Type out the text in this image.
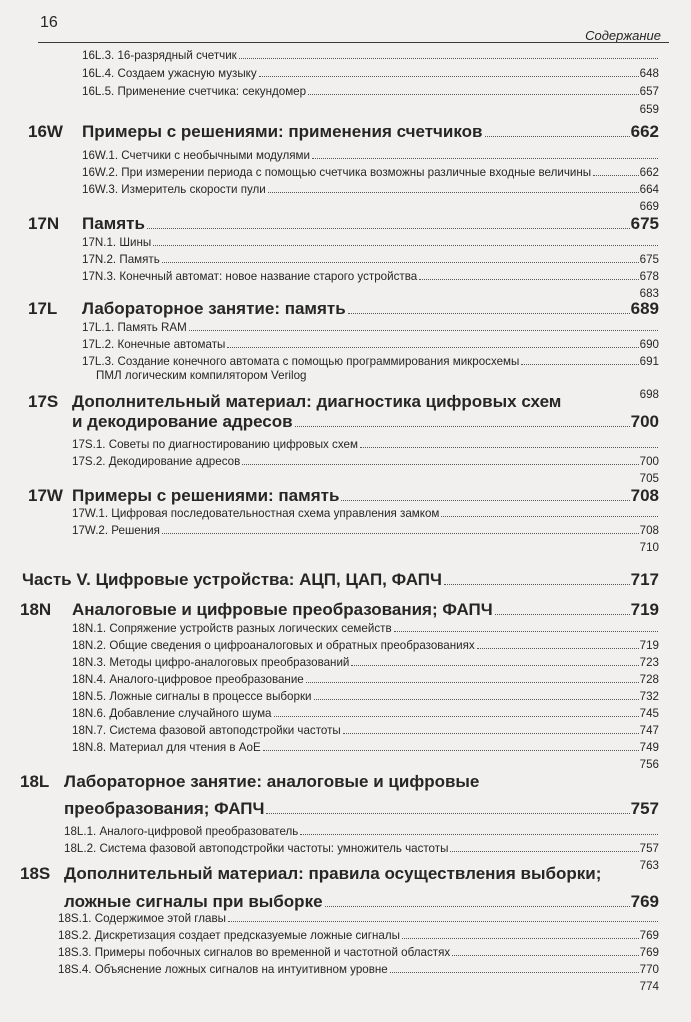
16
Содержание
16L.3. 16-разрядный счетчик
16L.4. Создаем ужасную музыку	648
16L.5. Применение счетчика: секундомер	657
659
16W Примеры с решениями: применения счетчиков	662
16W.1. Счетчики с необычными модулями
16W.2. При измерении периода с помощью счетчика возможны различные входные величины	662
16W.3. Измеритель скорости пули	664
669
17N Память	675
17N.1. Шины
17N.2. Память	675
17N.3. Конечный автомат: новое название старого устройства	678
683
17L Лабораторное занятие: память	689
17L.1. Память RAM
17L.2. Конечные автоматы	690
17L.3. Создание конечного автомата с помощью программирования микросхемы	691
ПМЛ логическим компилятором Verilog
698
17S Дополнительный материал: диагностика цифровых схем
и декодирование адресов	700
17S.1. Советы по диагностированию цифровых схем
17S.2. Декодирование адресов	700
705
17W Примеры с решениями: память	708
17W.1. Цифровая последовательностная схема управления замком
17W.2. Решения	708
710
Часть V. Цифровые устройства: АЦП, ЦАП, ФАПЧ	717
18N Аналоговые и цифровые преобразования; ФАПЧ	719
18N.1. Сопряжение устройств разных логических семейств
18N.2. Общие сведения о цифроаналоговых и обратных преобразованиях	719
18N.3. Методы цифро-аналоговых преобразований	723
18N.4. Аналого-цифровое преобразование	728
18N.5. Ложные сигналы в процессе выборки	732
18N.6. Добавление случайного шума	745
18N.7. Система фазовой автоподстройки частоты	747
18N.8. Материал для чтения в AoE	749
756
18L Лабораторное занятие: аналоговые и цифровые
преобразования; ФАПЧ	757
18L.1. Аналого-цифровой преобразователь
18L.2. Система фазовой автоподстройки частоты: умножитель частоты	757
763
18S Дополнительный материал: правила осуществления выборки;
ложные сигналы при выборке	769
18S.1. Содержимое этой главы
18S.2. Дискретизация создает предсказуемые ложные сигналы	769
18S.3. Примеры побочных сигналов во временной и частотной областях	769
18S.4. Объяснение ложных сигналов на интуитивном уровне	770
774
